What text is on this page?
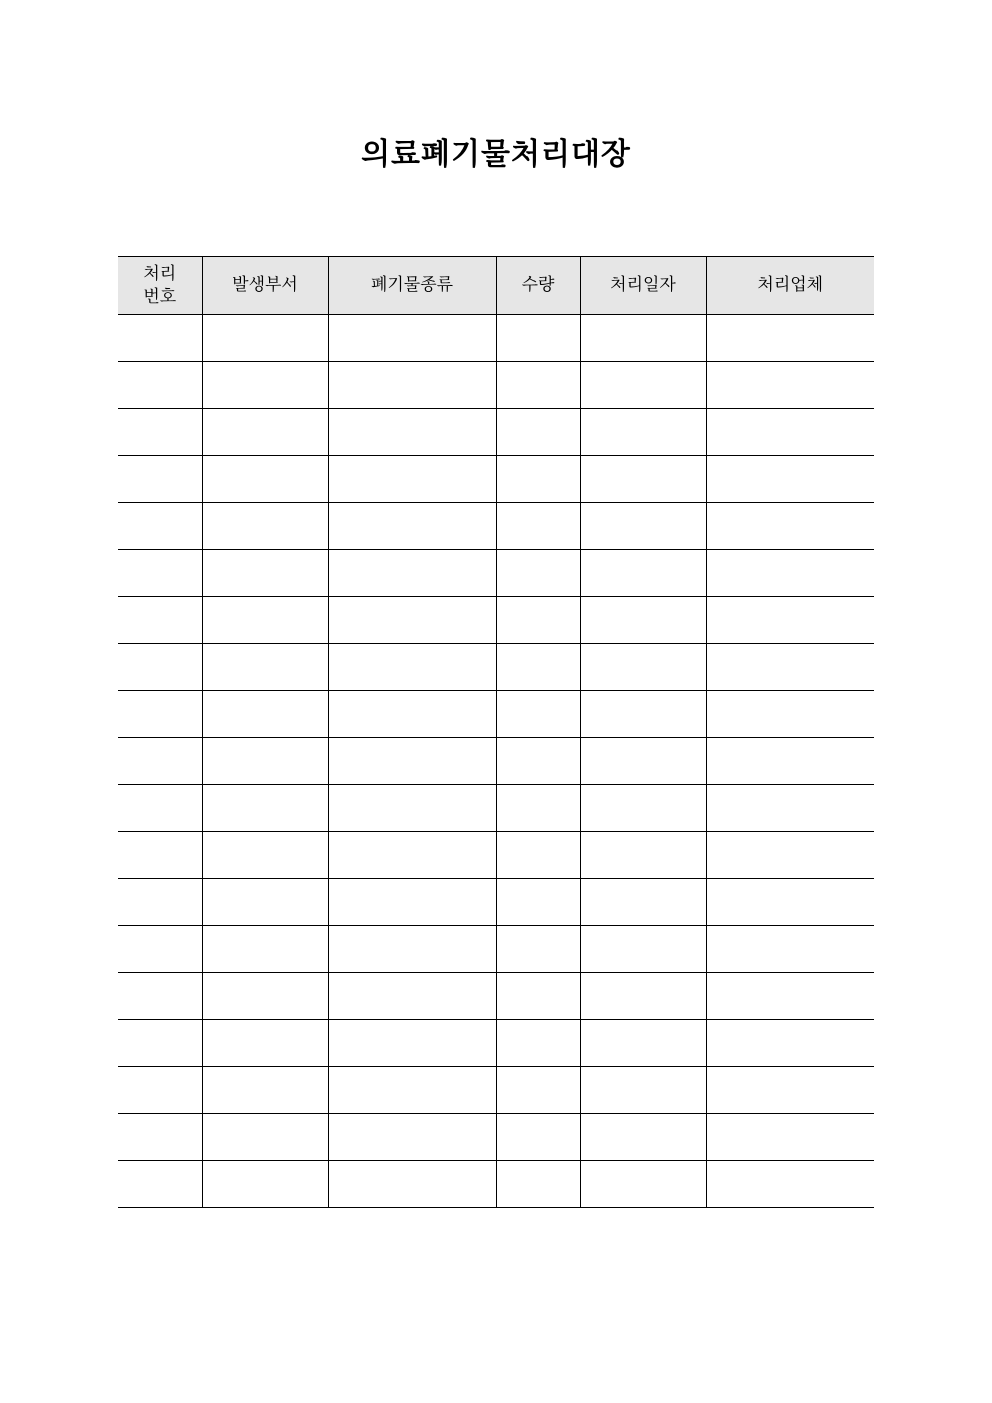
의료폐기물처리대장
처리번호	발생부서	폐기물종류	수량	처리일자	처리업체
